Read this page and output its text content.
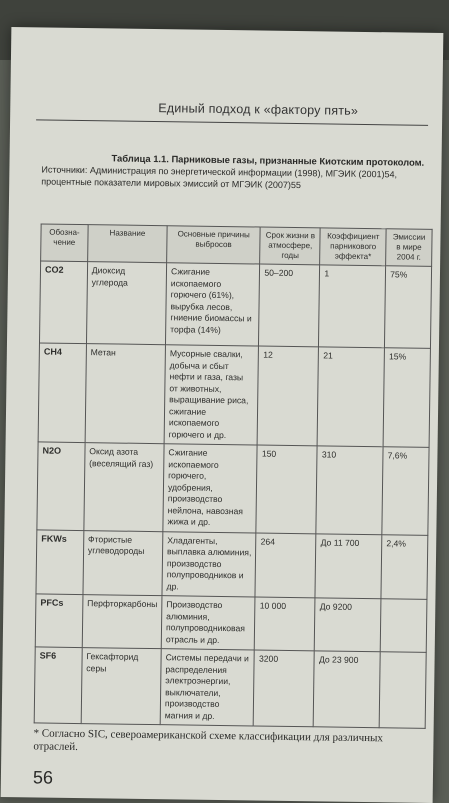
Единый подход к «фактору пять»
Таблица 1.1. Парниковые газы, признанные Киотским протоколом.
Источники: Администрация по энергетической информации (1998), МГЭИК (2001)54,
процентные показатели мировых эмиссий от МГЭИК (2007)55
Обозна-чение	Название	Основные причины выбросов	Срок жизни в атмосфере, годы	Коэффициент парникового эффекта*	Эмиссии в мире 2004 г.
CO2	Диоксид углерода	Сжигание ископаемого горючего (61%), вырубка лесов, гниение биомассы и торфа (14%)	50–200	1	75%
CH4	Метан	Мусорные свалки, добыча и сбыт нефти и газа, газы от животных, выращивание риса, сжигание ископаемого горючего и др.	12	21	15%
N2O	Оксид азота (веселящий газ)	Сжигание ископаемого горючего, удобрения, производство нейлона, навозная жижа и др.	150	310	7,6%
FKWs	Фтористые углеводороды	Хладагенты, выплавка алюминия, производство полупроводников и др.	264	До 11 700	2,4%
PFCs	Перфторкарбоны	Производство алюминия, полупроводниковая отрасль и др.	10 000	До 9200	
SF6	Гексафторид серы	Системы передачи и распределения электроэнергии, выключатели, производство магния и др.	3200	До 23 900	
* Согласно SIC, североамериканской схеме классификации для различных отраслей.
56
